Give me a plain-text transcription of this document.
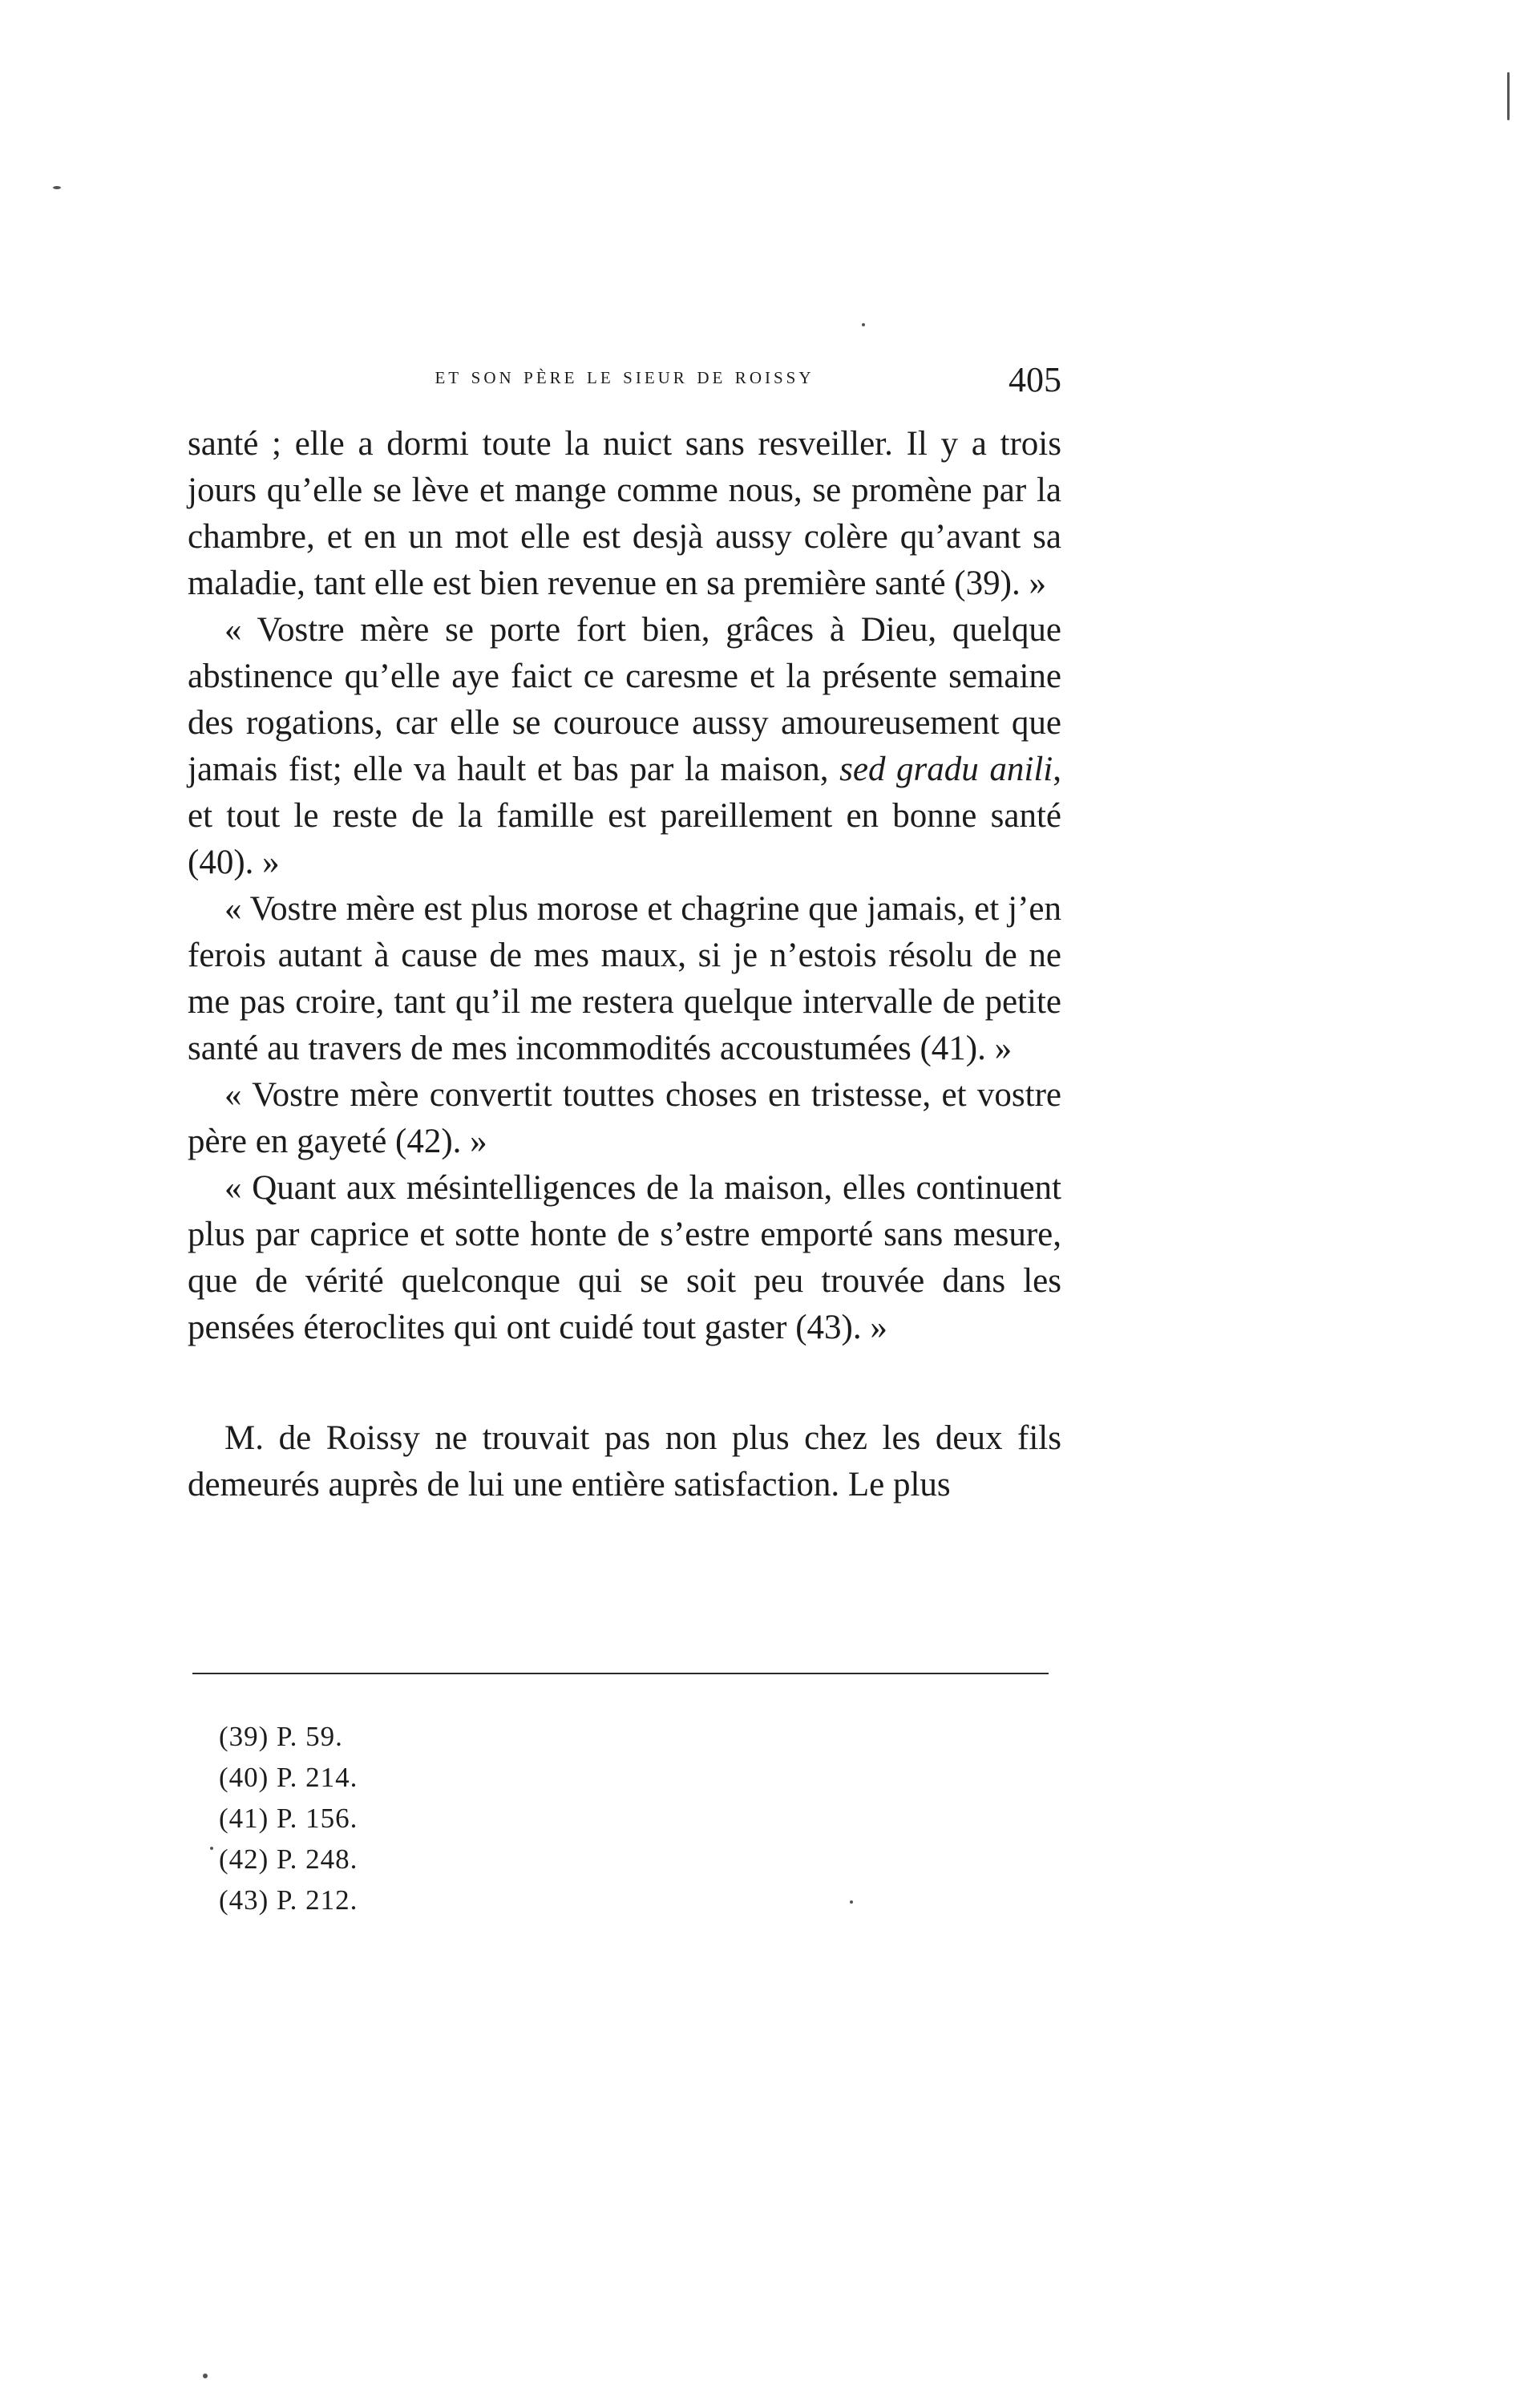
et son père le sieur de roissy	405

santé ; elle a dormi toute la nuict sans resveiller. Il y a trois jours qu’elle se lève et mange comme nous, se promène par la chambre, et en un mot elle est desjà aussy colère qu’avant sa maladie, tant elle est bien revenue en sa première santé (39). »

« Vostre mère se porte fort bien, grâces à Dieu, quelque abstinence qu’elle aye faict ce caresme et la présente semaine des rogations, car elle se courouce aussy amoureusement que jamais fist; elle va hault et bas par la maison, sed gradu anili, et tout le reste de la famille est pareillement en bonne santé (40). »

« Vostre mère est plus morose et chagrine que jamais, et j’en ferois autant à cause de mes maux, si je n’estois résolu de ne me pas croire, tant qu’il me restera quelque intervalle de petite santé au travers de mes incommodités accoustumées (41). »

« Vostre mère convertit touttes choses en tristesse, et vostre père en gayeté (42). »

« Quant aux mésintelligences de la maison, elles continuent plus par caprice et sotte honte de s’estre emporté sans mesure, que de vérité quelconque qui se soit peu trouvée dans les pensées éteroclites qui ont cuidé tout gaster (43). »

M. de Roissy ne trouvait pas non plus chez les deux fils demeurés auprès de lui une entière satisfaction. Le plus

(39) P. 59.
(40) P. 214.
(41) P. 156.
(42) P. 248.
(43) P. 212.
